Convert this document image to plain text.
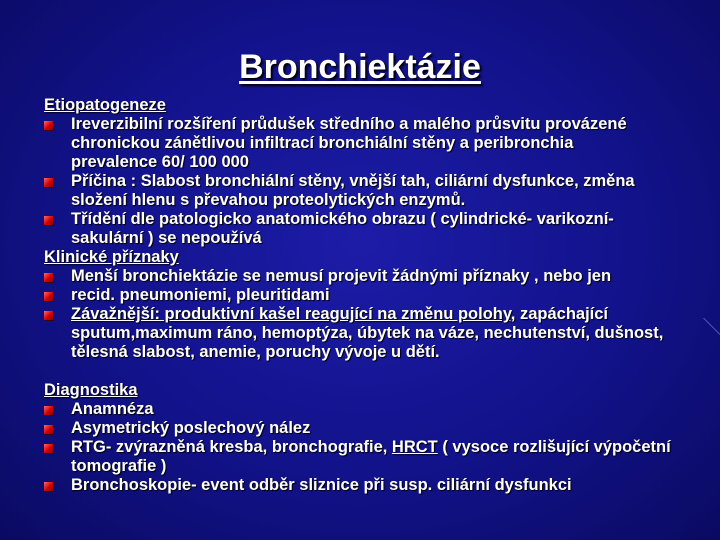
Bronchiektázie
Etiopatogeneze
Ireverzibilní rozšíření průdušek středního a malého průsvitu provázené chronickou zánětlivou infiltrací bronchiální stěny a peribronchia
prevalence 60/ 100 000
Příčina : Slabost bronchiální stěny, vnější tah, ciliární dysfunkce, změna složení hlenu s převahou proteolytických enzymů.
Třídění dle patologicko anatomického obrazu ( cylindrické- varikozní- sakulární ) se nepoužívá
Klinické příznaky
Menší bronchiektázie se nemusí projevit žádnými příznaky , nebo jen
recid. pneumoniemi, pleuritidami
Závažnější: produktivní kašel reagující na změnu polohy, zapáchající sputum,maximum ráno, hemoptýza, úbytek na váze, nechutenství, dušnost, tělesná slabost, anemie, poruchy vývoje u dětí.
Diagnostika
Anamnéza
Asymetrický poslechový nález
RTG- zvýrazněná kresba, bronchografie, HRCT ( vysoce rozlišující výpočetní tomografie )
Bronchoskopie- event odběr sliznice při susp. ciliární dysfunkci
